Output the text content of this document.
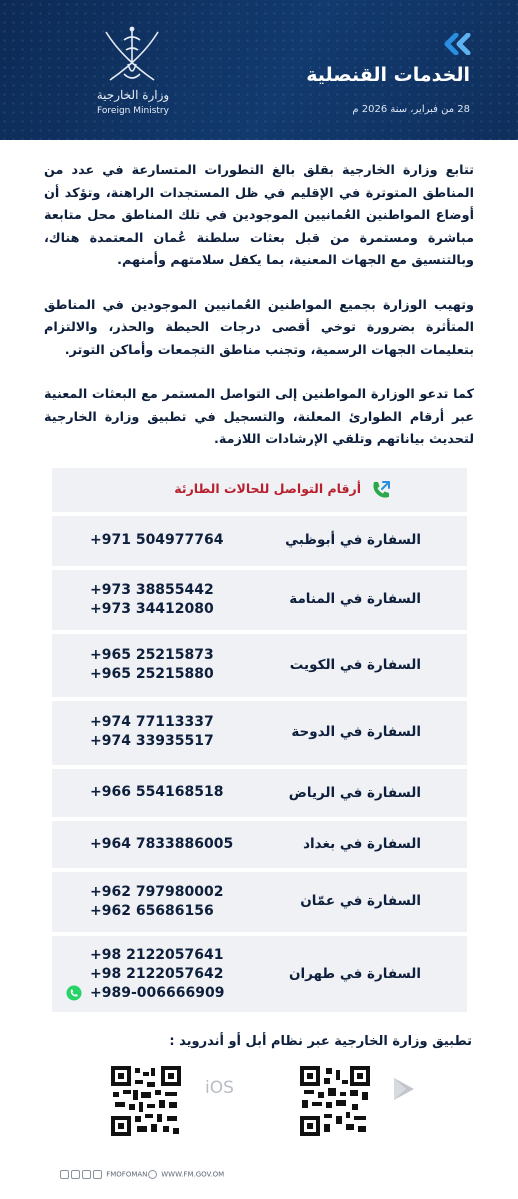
الخدمات القنصلية
28 من فبراير، سنة 2026 م
وزارة الخارجية
Foreign Ministry

تتابع وزارة الخارجية بقلق بالغ التطورات المتسارعة في عدد من المناطق المتوترة في الإقليم في ظل المستجدات الراهنة، وتؤكد أن أوضاع المواطنين العُمانيين الموجودين في تلك المناطق محل متابعة مباشرة ومستمرة من قبل بعثات سلطنة عُمان المعتمدة هناك، وبالتنسيق مع الجهات المعنية، بما يكفل سلامتهم وأمنهم.

وتهيب الوزارة بجميع المواطنين العُمانيين الموجودين في المناطق المتأثرة بضرورة توخي أقصى درجات الحيطة والحذر، والالتزام بتعليمات الجهات الرسمية، وتجنب مناطق التجمعات وأماكن التوتر.

كما تدعو الوزارة المواطنين إلى التواصل المستمر مع البعثات المعنية عبر أرقام الطوارئ المعلنة، والتسجيل في تطبيق وزارة الخارجية لتحديث بياناتهم وتلقي الإرشادات اللازمة.

أرقام التواصل للحالات الطارئة
السفارة في أبوظبي
+971 504977764
السفارة في المنامة
+973 38855442
+973 34412080
السفارة في الكويت
+965 25215873
+965 25215880
السفارة في الدوحة
+974 77113337
+974 33935517
السفارة في الرياض
+966 554168518
السفارة في بغداد
+964 7833886005
السفارة في عمّان
+962 797980002
+962 65686156
السفارة في طهران
+98 2122057641
+98 2122057642
+989-006666909
تطبيق وزارة الخارجية عبر نظام أبل أو أندرويد :
iOS
FMOFOMAN	WWW.FM.GOV.OM
